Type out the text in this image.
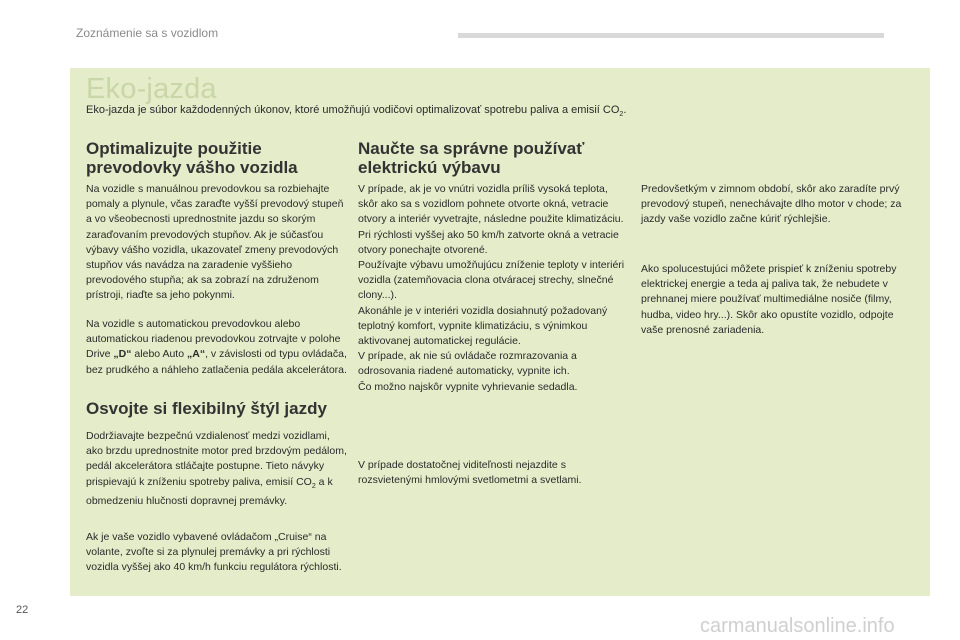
Zoznámenie sa s vozidlom
Eko-jazda
Eko-jazda je súbor každodenných úkonov, ktoré umožňujú vodičovi optimalizovať spotrebu paliva a emisií $CO_2$.
Optimalizujte použitie prevodovky vášho vozidla

Na vozidle s manuálnou prevodovkou sa rozbiehajte pomaly a plynule, včas zaraďte vyšší prevodový stupeň a vo všeobecnosti uprednostnite jazdu so skorým zaraďovaním prevodových stupňov. Ak je súčasťou výbavy vášho vozidla, ukazovateľ zmeny prevodových stupňov vás navádza na zaradenie vyššieho prevodového stupňa; ak sa zobrazí na združenom prístroji, riaďte sa jeho pokynmi.

Na vozidle s automatickou prevodovkou alebo automatickou riadenou prevodovkou zotrvajte v polohe Drive „D“ alebo Auto „A“, v závislosti od typu ovládača, bez prudkého a náhleho zatlačenia pedála akcelerátora.

Osvojte si flexibilný štýl jazdy

Dodržiavajte bezpečnú vzdialenosť medzi vozidlami, ako brzdu uprednostnite motor pred brzdovým pedálom, pedál akcelerátora stláčajte postupne. Tieto návyky prispievajú k zníženiu spotreby paliva, emisií $CO_2$ a k obmedzeniu hlučnosti dopravnej premávky.

Ak je vaše vozidlo vybavené ovládačom „Cruise“ na volante, zvoľte si za plynulej premávky a pri rýchlosti vozidla vyššej ako 40 km/h funkciu regulátora rýchlosti.

Naučte sa správne používať elektrickú výbavu

V prípade, ak je vo vnútri vozidla príliš vysoká teplota, skôr ako sa s vozidlom pohnete otvorte okná, vetracie otvory a interiér vyvetrajte, následne použite klimatizáciu.

Pri rýchlosti vyššej ako 50 km/h zatvorte okná a vetracie otvory ponechajte otvorené.

Používajte výbavu umožňujúcu zníženie teploty v interiéri vozidla (zatemňovacia clona otváracej strechy, slnečné clony...).

Akonáhle je v interiéri vozidla dosiahnutý požadovaný teplotný komfort, vypnite klimatizáciu, s výnimkou aktivovanej automatickej regulácie.

V prípade, ak nie sú ovládače rozmrazovania a odrosovania riadené automaticky, vypnite ich.

Čo možno najskôr vypnite vyhrievanie sedadla.

V prípade dostatočnej viditeľnosti nejazdite s rozsvietenými hmlovými svetlometmi a svetlami.

Predovšetkým v zimnom období, skôr ako zaradíte prvý prevodový stupeň, nenechávajte dlho motor v chode; za jazdy vaše vozidlo začne kúriť rýchlejšie.

Ako spolucestujúci môžete prispieť k zníženiu spotreby elektrickej energie a teda aj paliva tak, že nebudete v prehnanej miere používať multimediálne nosiče (filmy, hudba, video hry...). Skôr ako opustíte vozidlo, odpojte vaše prenosné zariadenia.

22
carmanualsonline.info
